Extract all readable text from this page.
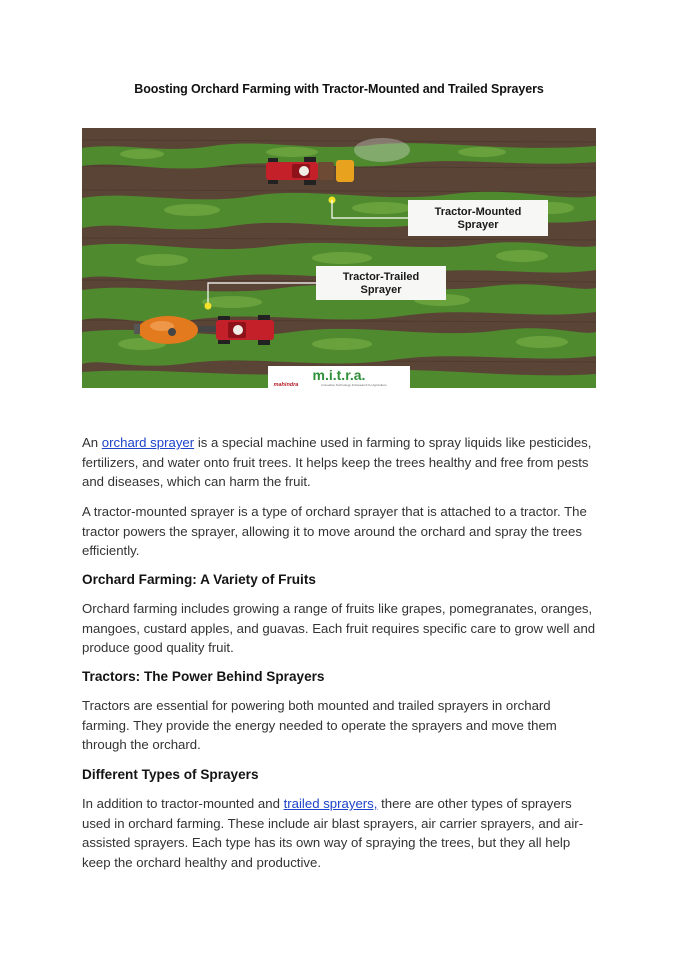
Boosting Orchard Farming with Tractor-Mounted and Trailed Sprayers
Tractor-Mounted
Sprayer
Tractor-Trailed
Sprayer
m.i.t.r.a.
mahindra	Innovative Technology & Research for Agriculture
An orchard sprayer is a special machine used in farming to spray liquids like pesticides, fertilizers, and water onto fruit trees. It helps keep the trees healthy and free from pests and diseases, which can harm the fruit.
A tractor-mounted sprayer is a type of orchard sprayer that is attached to a tractor. The tractor powers the sprayer, allowing it to move around the orchard and spray the trees efficiently.
Orchard Farming: A Variety of Fruits
Orchard farming includes growing a range of fruits like grapes, pomegranates, oranges, mangoes, custard apples, and guavas. Each fruit requires specific care to grow well and produce good quality fruit.
Tractors: The Power Behind Sprayers
Tractors are essential for powering both mounted and trailed sprayers in orchard farming. They provide the energy needed to operate the sprayers and move them through the orchard.
Different Types of Sprayers
In addition to tractor-mounted and trailed sprayers, there are other types of sprayers used in orchard farming. These include air blast sprayers, air carrier sprayers, and air-assisted sprayers. Each type has its own way of spraying the trees, but they all help keep the orchard healthy and productive.
